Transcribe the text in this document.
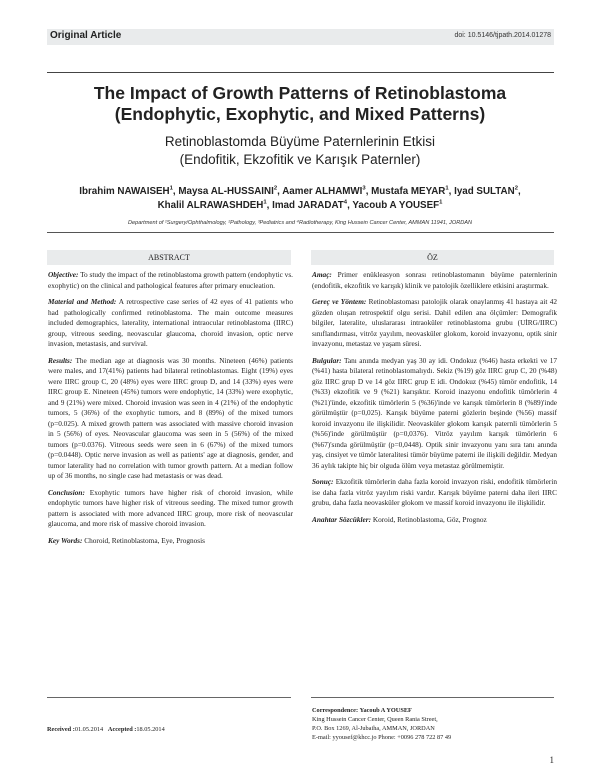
Original Article	doi: 10.5146/tjpath.2014.01278
The Impact of Growth Patterns of Retinoblastoma
(Endophytic, Exophytic, and Mixed Patterns)
Retinoblastomda Büyüme Paternlerinin Etkisi
(Endofitik, Ekzofitik ve Karışık Paternler)
Ibrahim NAWAISEH$^1$, Maysa AL-HUSSAINI$^2$, Aamer ALHAMWI$^3$, Mustafa MEYAR$^1$, Iyad SULTAN$^2$,
Khalil ALRAWASHDEH$^1$, Imad JARADAT$^4$, Yacoub A YOUSEF$^1$
Department of ¹Surgery/Ophthalmology, ²Pathology, ³Pediatrics and ⁴Radiotherapy, King Hussein Cancer Center, AMMAN 11941, JORDAN
ABSTRACT	ÖZ

Objective: To study the impact of the retinoblastoma growth pattern (endophytic vs. exophytic) on the clinical and pathological features after primary enucleation.

Material and Method: A retrospective case series of 42 eyes of 41 patients who had pathologically confirmed retinoblastoma. The main outcome measures included demographics, laterality, international intraocular retinoblastoma (IIRC) group, vitreous seeding, neovascular glaucoma, choroid invasion, optic nerve invasion, metastasis, and survival.

Results: The median age at diagnosis was 30 months. Nineteen (46%) patients were males, and 17(41%) patients had bilateral retinoblastomas. Eight (19%) eyes were IIRC group C, 20 (48%) eyes were IIRC group D, and 14 (33%) eyes were IIRC group E. Nineteen (45%) tumors were endophytic, 14 (33%) were exophytic, and 9 (21%) were mixed. Choroid invasion was seen in 4 (21%) of the endophytic tumors, 5 (36%) of the exophytic tumors, and 8 (89%) of the mixed tumors (p=0.025). A mixed growth pattern was associated with massive choroid invasion in 5 (56%) of eyes. Neovascular glaucoma was seen in 5 (56%) of the mixed tumors (p=0.0376). Vitreous seeds were seen in 6 (67%) of the mixed tumors (p=0.0448). Optic nerve invasion as well as patients' age at diagnosis, gender, and tumor laterality had no correlation with tumor growth pattern. At a median follow up of 36 months, no single case had metastasis or was dead.

Conclusion: Exophytic tumors have higher risk of choroid invasion, while endophytic tumors have higher risk of vitreous seeding. The mixed tumor growth pattern is associated with more advanced IIRC group, more risk of neovascular glaucoma, and more risk of massive choroid invasion.

Key Words: Choroid, Retinoblastoma, Eye, Prognosis

Amaç: Primer enükleasyon sonrası retinoblastomanın büyüme paternlerinin (endofitik, ekzofitik ve karışık) klinik ve patolojik özelliklere etkisini araştırmak.

Gereç ve Yöntem: Retinoblastoması patolojik olarak onaylanmış 41 hastaya ait 42 gözden oluşan retrospektif olgu serisi. Dahil edilen ana ölçümler: Demografik bilgiler, lateralite, uluslararası intraoküler retinoblastoma grubu (UİRG/IIRC) sınıflandırması, vitröz yayılım, neovasküler glokom, koroid invazyonu, optik sinir invazyonu, metastaz ve yaşam süresi.

Bulgular: Tanı anında medyan yaş 30 ay idi. Ondokuz (%46) hasta erkekti ve 17 (%41) hasta bilateral retinoblastomalıydı. Sekiz (%19) göz IIRC grup C, 20 (%48) göz IIRC grup D ve 14 göz IIRC grup E idi. Ondokuz (%45) tümör endofitik, 14 (%33) ekzofitik ve 9 (%21) karışıktır. Koroid inazyonu endofitik tümörlerin 4 (%21)'ünde, ekzofitik tümörlerin 5 (%36)'inde ve karışık tümörlerin 8 (%89)'inde görülmüştür (p=0,025). Karışık büyüme paterni gözlerin beşinde (%56) massif koroid invazyonu ile ilişkilidir. Neovasküler glokom karışık paternli tümörlerin 5 (%56)'inde görülmüştür (p=0,0376). Vitröz yayılım karışık tümörlerin 6 (%67)'sında görülmüştür (p=0,0448). Optik sinir invazyonu yanı sıra tanı anında yaş, cinsiyet ve tümör lateralitesi tümör büyüme paterni ile ilişkili değildir. Medyan 36 aylık takipte hiç bir olguda ölüm veya metastaz görülmemiştir.

Sonuç: Ekzofitik tümörlerin daha fazla koroid invazyon riski, endofitik tümörlerin ise daha fazla vitröz yayılım riski vardır. Karışık büyüme paterni daha ileri IIRC grubu, daha fazla neovasküler glokom ve massif koroid invazyonu ile ilişkilidir.

Anahtar Sözcükler: Koroid, Retinoblastoma, Göz, Prognoz

Received :01.05.2014 Accepted :18.05.2014
Correspondence: Yacoub A YOUSEF
King Hussein Cancer Center, Queen Rania Street,
P.O. Box 1269, Al-Jubaiha, AMMAN, JORDAN
E-mail: yyousef@khcc.jo Phone: +0096 278 722 87 49
1
